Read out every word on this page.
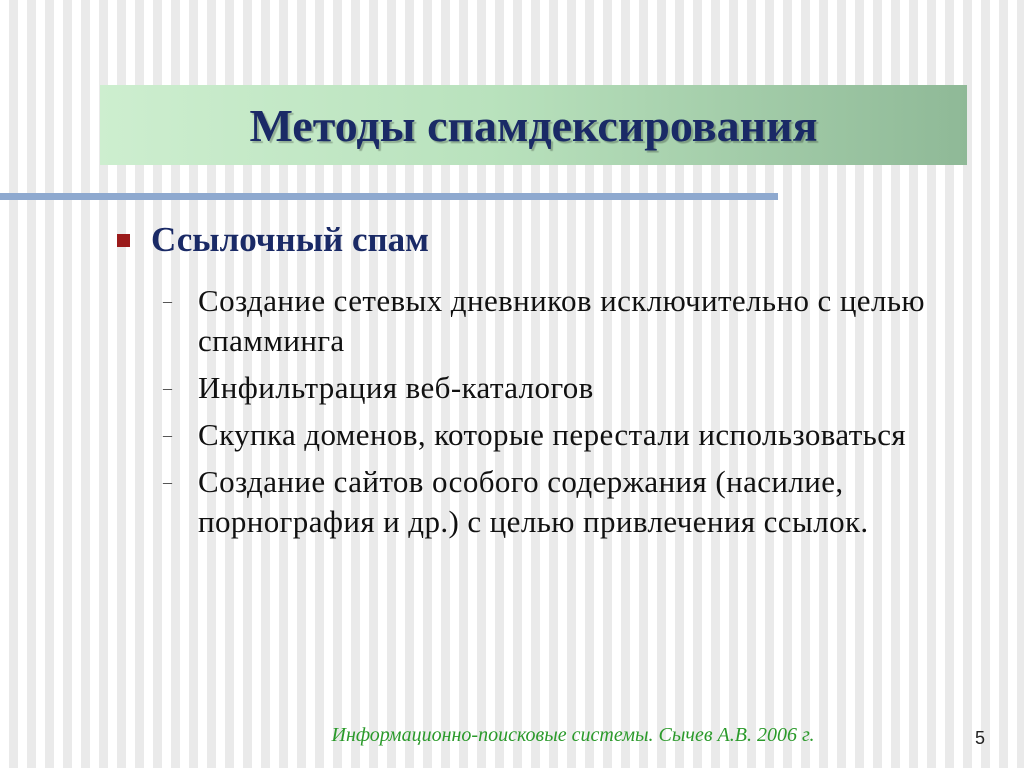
Методы спамдексирования
Ссылочный спам
– Создание сетевых дневников исключительно с целью спамминга
– Инфильтрация веб-каталогов
– Скупка доменов, которые перестали использоваться
– Создание сайтов особого содержания (насилие, порнография и др.) с целью привлечения ссылок.
Информационно-поисковые системы. Сычев А.В. 2006 г.	5
